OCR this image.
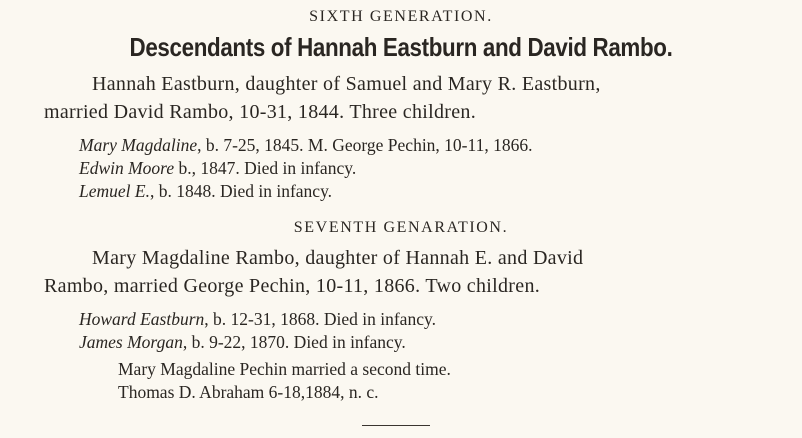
SIXTH GENERATION.
Descendants of Hannah Eastburn and David Rambo.
Hannah Eastburn, daughter of Samuel and Mary R. Eastburn,
married David Rambo, 10-31, 1844. Three children.
Mary Magdaline, b. 7-25, 1845. M. George Pechin, 10-11, 1866.
Edwin Moore b., 1847. Died in infancy.
Lemuel E., b. 1848. Died in infancy.
SEVENTH GENARATION.
Mary Magdaline Rambo, daughter of Hannah E. and David
Rambo, married George Pechin, 10-11, 1866. Two children.
Howard Eastburn, b. 12-31, 1868. Died in infancy.
James Morgan, b. 9-22, 1870. Died in infancy.
Mary Magdaline Pechin married a second time.
Thomas D. Abraham 6-18,1884, n. c.
